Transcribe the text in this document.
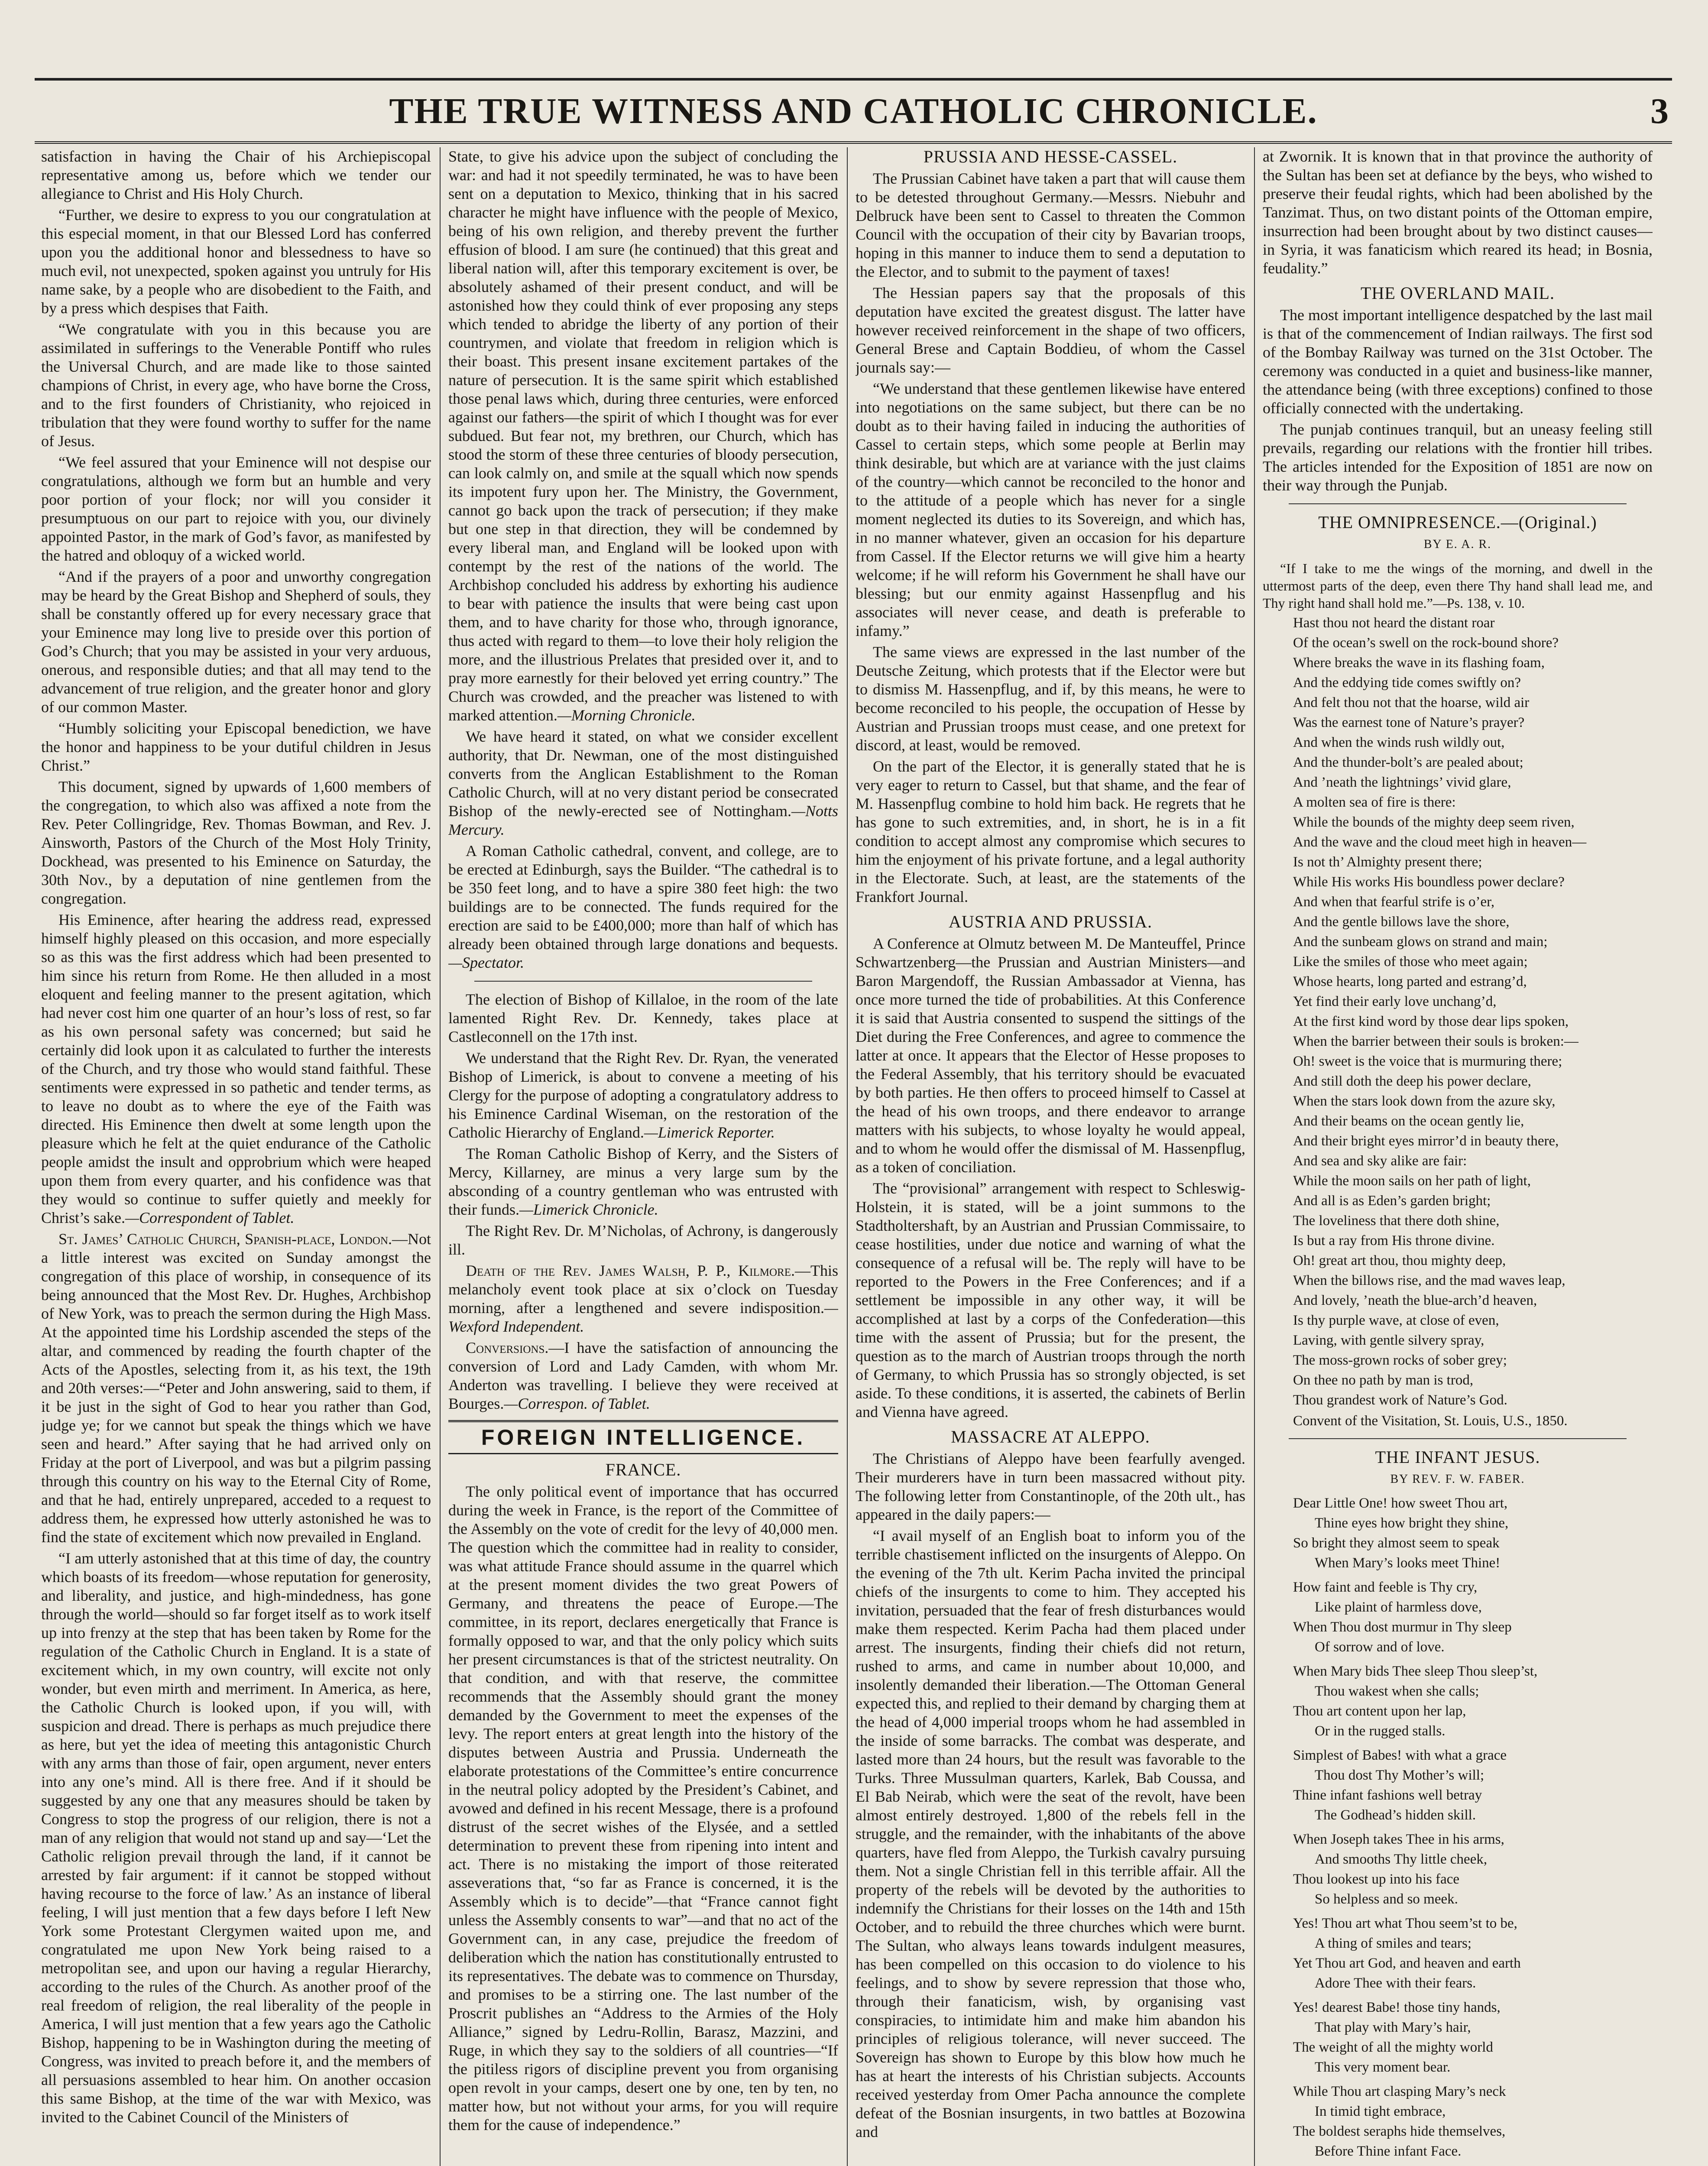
THE TRUE WITNESS AND CATHOLIC CHRONICLE.	3

satisfaction in having the Chair of his Archiepiscopal representative among us, before which we tender our allegiance to Christ and His Holy Church.

“Further, we desire to express to you our congratulation at this especial moment, in that our Blessed Lord has conferred upon you the additional honor and blessedness to have so much evil, not unexpected, spoken against you untruly for His name sake, by a people who are disobedient to the Faith, and by a press which despises that Faith.

“We congratulate with you in this because you are assimilated in sufferings to the Venerable Pontiff who rules the Universal Church, and are made like to those sainted champions of Christ, in every age, who have borne the Cross, and to the first founders of Christianity, who rejoiced in tribulation that they were found worthy to suffer for the name of Jesus.

“We feel assured that your Eminence will not despise our congratulations, although we form but an humble and very poor portion of your flock; nor will you consider it presumptuous on our part to rejoice with you, our divinely appointed Pastor, in the mark of God’s favor, as manifested by the hatred and obloquy of a wicked world.

“And if the prayers of a poor and unworthy congregation may be heard by the Great Bishop and Shepherd of souls, they shall be constantly offered up for every necessary grace that your Eminence may long live to preside over this portion of God’s Church; that you may be assisted in your very arduous, onerous, and responsible duties; and that all may tend to the advancement of true religion, and the greater honor and glory of our common Master.

“Humbly soliciting your Episcopal benediction, we have the honor and happiness to be your dutiful children in Jesus Christ.”

This document, signed by upwards of 1,600 members of the congregation, to which also was affixed a note from the Rev. Peter Collingridge, Rev. Thomas Bowman, and Rev. J. Ainsworth, Pastors of the Church of the Most Holy Trinity, Dockhead, was presented to his Eminence on Saturday, the 30th Nov., by a deputation of nine gentlemen from the congregation.

His Eminence, after hearing the address read, expressed himself highly pleased on this occasion, and more especially so as this was the first address which had been presented to him since his return from Rome. He then alluded in a most eloquent and feeling manner to the present agitation, which had never cost him one quarter of an hour’s loss of rest, so far as his own personal safety was concerned; but said he certainly did look upon it as calculated to further the interests of the Church, and try those who would stand faithful. These sentiments were expressed in so pathetic and tender terms, as to leave no doubt as to where the eye of the Faith was directed. His Eminence then dwelt at some length upon the pleasure which he felt at the quiet endurance of the Catholic people amidst the insult and opprobrium which were heaped upon them from every quarter, and his confidence was that they would so continue to suffer quietly and meekly for Christ’s sake.—Correspondent of Tablet.

St. James’ Catholic Church, Spanish-place, London.—Not a little interest was excited on Sunday amongst the congregation of this place of worship, in consequence of its being announced that the Most Rev. Dr. Hughes, Archbishop of New York, was to preach the sermon during the High Mass. At the appointed time his Lordship ascended the steps of the altar, and commenced by reading the fourth chapter of the Acts of the Apostles, selecting from it, as his text, the 19th and 20th verses:—“Peter and John answering, said to them, if it be just in the sight of God to hear you rather than God, judge ye; for we cannot but speak the things which we have seen and heard.” After saying that he had arrived only on Friday at the port of Liverpool, and was but a pilgrim passing through this country on his way to the Eternal City of Rome, and that he had, entirely unprepared, acceded to a request to address them, he expressed how utterly astonished he was to find the state of excitement which now prevailed in England.

“I am utterly astonished that at this time of day, the country which boasts of its freedom—whose reputation for generosity, and liberality, and justice, and high-mindedness, has gone through the world—should so far forget itself as to work itself up into frenzy at the step that has been taken by Rome for the regulation of the Catholic Church in England. It is a state of excitement which, in my own country, will excite not only wonder, but even mirth and merriment. In America, as here, the Catholic Church is looked upon, if you will, with suspicion and dread. There is perhaps as much prejudice there as here, but yet the idea of meeting this antagonistic Church with any arms than those of fair, open argument, never enters into any one’s mind. All is there free. And if it should be suggested by any one that any measures should be taken by Congress to stop the progress of our religion, there is not a man of any religion that would not stand up and say—‘Let the Catholic religion prevail through the land, if it cannot be arrested by fair argument: if it cannot be stopped without having recourse to the force of law.’ As an instance of liberal feeling, I will just mention that a few days before I left New York some Protestant Clergymen waited upon me, and congratulated me upon New York being raised to a metropolitan see, and upon our having a regular Hierarchy, according to the rules of the Church. As another proof of the real freedom of religion, the real liberality of the people in America, I will just mention that a few years ago the Catholic Bishop, happening to be in Washington during the meeting of Congress, was invited to preach before it, and the members of all persuasions assembled to hear him. On another occasion this same Bishop, at the time of the war with Mexico, was invited to the Cabinet Council of the Ministers of

State, to give his advice upon the subject of concluding the war: and had it not speedily terminated, he was to have been sent on a deputation to Mexico, thinking that in his sacred character he might have influence with the people of Mexico, being of his own religion, and thereby prevent the further effusion of blood. I am sure (he continued) that this great and liberal nation will, after this temporary excitement is over, be absolutely ashamed of their present conduct, and will be astonished how they could think of ever proposing any steps which tended to abridge the liberty of any portion of their countrymen, and violate that freedom in religion which is their boast. This present insane excitement partakes of the nature of persecution. It is the same spirit which established those penal laws which, during three centuries, were enforced against our fathers—the spirit of which I thought was for ever subdued. But fear not, my brethren, our Church, which has stood the storm of these three centuries of bloody persecution, can look calmly on, and smile at the squall which now spends its impotent fury upon her. The Ministry, the Government, cannot go back upon the track of persecution; if they make but one step in that direction, they will be condemned by every liberal man, and England will be looked upon with contempt by the rest of the nations of the world. The Archbishop concluded his address by exhorting his audience to bear with patience the insults that were being cast upon them, and to have charity for those who, through ignorance, thus acted with regard to them—to love their holy religion the more, and the illustrious Prelates that presided over it, and to pray more earnestly for their beloved yet erring country.” The Church was crowded, and the preacher was listened to with marked attention.—Morning Chronicle.

We have heard it stated, on what we consider excellent authority, that Dr. Newman, one of the most distinguished converts from the Anglican Establishment to the Roman Catholic Church, will at no very distant period be consecrated Bishop of the newly-erected see of Nottingham.—Notts Mercury.

A Roman Catholic cathedral, convent, and college, are to be erected at Edinburgh, says the Builder. “The cathedral is to be 350 feet long, and to have a spire 380 feet high: the two buildings are to be connected. The funds required for the erection are said to be £400,000; more than half of which has already been obtained through large donations and bequests.—Spectator.

The election of Bishop of Killaloe, in the room of the late lamented Right Rev. Dr. Kennedy, takes place at Castleconnell on the 17th inst.

We understand that the Right Rev. Dr. Ryan, the venerated Bishop of Limerick, is about to convene a meeting of his Clergy for the purpose of adopting a congratulatory address to his Eminence Cardinal Wiseman, on the restoration of the Catholic Hierarchy of England.—Limerick Reporter.

The Roman Catholic Bishop of Kerry, and the Sisters of Mercy, Killarney, are minus a very large sum by the absconding of a country gentleman who was entrusted with their funds.—Limerick Chronicle.

The Right Rev. Dr. M’Nicholas, of Achrony, is dangerously ill.

Death of the Rev. James Walsh, P. P., Kilmore.—This melancholy event took place at six o’clock on Tuesday morning, after a lengthened and severe indisposition.—Wexford Independent.

Conversions.—I have the satisfaction of announcing the conversion of Lord and Lady Camden, with whom Mr. Anderton was travelling. I believe they were received at Bourges.—Correspon. of Tablet.

FOREIGN INTELLIGENCE.
FRANCE.

The only political event of importance that has occurred during the week in France, is the report of the Committee of the Assembly on the vote of credit for the levy of 40,000 men. The question which the committee had in reality to consider, was what attitude France should assume in the quarrel which at the present moment divides the two great Powers of Germany, and threatens the peace of Europe.—The committee, in its report, declares energetically that France is formally opposed to war, and that the only policy which suits her present circumstances is that of the strictest neutrality. On that condition, and with that reserve, the committee recommends that the Assembly should grant the money demanded by the Government to meet the expenses of the levy. The report enters at great length into the history of the disputes between Austria and Prussia. Underneath the elaborate protestations of the Committee’s entire concurrence in the neutral policy adopted by the President’s Cabinet, and avowed and defined in his recent Message, there is a profound distrust of the secret wishes of the Elysée, and a settled determination to prevent these from ripening into intent and act. There is no mistaking the import of those reiterated asseverations that, “so far as France is concerned, it is the Assembly which is to decide”—that “France cannot fight unless the Assembly consents to war”—and that no act of the Government can, in any case, prejudice the freedom of deliberation which the nation has constitutionally entrusted to its representatives. The debate was to commence on Thursday, and promises to be a stirring one. The last number of the Proscrit publishes an “Address to the Armies of the Holy Alliance,” signed by Ledru-Rollin, Barasz, Mazzini, and Ruge, in which they say to the soldiers of all countries—“If the pitiless rigors of discipline prevent you from organising open revolt in your camps, desert one by one, ten by ten, no matter how, but not without your arms, for you will require them for the cause of independence.”

PRUSSIA AND HESSE-CASSEL.

The Prussian Cabinet have taken a part that will cause them to be detested throughout Germany.—Messrs. Niebuhr and Delbruck have been sent to Cassel to threaten the Common Council with the occupation of their city by Bavarian troops, hoping in this manner to induce them to send a deputation to the Elector, and to submit to the payment of taxes!

The Hessian papers say that the proposals of this deputation have excited the greatest disgust. The latter have however received reinforcement in the shape of two officers, General Brese and Captain Boddieu, of whom the Cassel journals say:—

“We understand that these gentlemen likewise have entered into negotiations on the same subject, but there can be no doubt as to their having failed in inducing the authorities of Cassel to certain steps, which some people at Berlin may think desirable, but which are at variance with the just claims of the country—which cannot be reconciled to the honor and to the attitude of a people which has never for a single moment neglected its duties to its Sovereign, and which has, in no manner whatever, given an occasion for his departure from Cassel. If the Elector returns we will give him a hearty welcome; if he will reform his Government he shall have our blessing; but our enmity against Hassenpflug and his associates will never cease, and death is preferable to infamy.”

The same views are expressed in the last number of the Deutsche Zeitung, which protests that if the Elector were but to dismiss M. Hassenpflug, and if, by this means, he were to become reconciled to his people, the occupation of Hesse by Austrian and Prussian troops must cease, and one pretext for discord, at least, would be removed.

On the part of the Elector, it is generally stated that he is very eager to return to Cassel, but that shame, and the fear of M. Hassenpflug combine to hold him back. He regrets that he has gone to such extremities, and, in short, he is in a fit condition to accept almost any compromise which secures to him the enjoyment of his private fortune, and a legal authority in the Electorate. Such, at least, are the statements of the Frankfort Journal.

AUSTRIA AND PRUSSIA.

A Conference at Olmutz between M. De Manteuffel, Prince Schwartzenberg—the Prussian and Austrian Ministers—and Baron Margendoff, the Russian Ambassador at Vienna, has once more turned the tide of probabilities. At this Conference it is said that Austria consented to suspend the sittings of the Diet during the Free Conferences, and agree to commence the latter at once. It appears that the Elector of Hesse proposes to the Federal Assembly, that his territory should be evacuated by both parties. He then offers to proceed himself to Cassel at the head of his own troops, and there endeavor to arrange matters with his subjects, to whose loyalty he would appeal, and to whom he would offer the dismissal of M. Hassenpflug, as a token of conciliation.

The “provisional” arrangement with respect to Schleswig-Holstein, it is stated, will be a joint summons to the Stadtholtershaft, by an Austrian and Prussian Commissaire, to cease hostilities, under due notice and warning of what the consequence of a refusal will be. The reply will have to be reported to the Powers in the Free Conferences; and if a settlement be impossible in any other way, it will be accomplished at last by a corps of the Confederation—this time with the assent of Prussia; but for the present, the question as to the march of Austrian troops through the north of Germany, to which Prussia has so strongly objected, is set aside. To these conditions, it is asserted, the cabinets of Berlin and Vienna have agreed.

MASSACRE AT ALEPPO.

The Christians of Aleppo have been fearfully avenged. Their murderers have in turn been massacred without pity. The following letter from Constantinople, of the 20th ult., has appeared in the daily papers:—

“I avail myself of an English boat to inform you of the terrible chastisement inflicted on the insurgents of Aleppo. On the evening of the 7th ult. Kerim Pacha invited the principal chiefs of the insurgents to come to him. They accepted his invitation, persuaded that the fear of fresh disturbances would make them respected. Kerim Pacha had them placed under arrest. The insurgents, finding their chiefs did not return, rushed to arms, and came in number about 10,000, and insolently demanded their liberation.—The Ottoman General expected this, and replied to their demand by charging them at the head of 4,000 imperial troops whom he had assembled in the inside of some barracks. The combat was desperate, and lasted more than 24 hours, but the result was favorable to the Turks. Three Mussulman quarters, Karlek, Bab Coussa, and El Bab Neirab, which were the seat of the revolt, have been almost entirely destroyed. 1,800 of the rebels fell in the struggle, and the remainder, with the inhabitants of the above quarters, have fled from Aleppo, the Turkish cavalry pursuing them. Not a single Christian fell in this terrible affair. All the property of the rebels will be devoted by the authorities to indemnify the Christians for their losses on the 14th and 15th October, and to rebuild the three churches which were burnt. The Sultan, who always leans towards indulgent measures, has been compelled on this occasion to do violence to his feelings, and to show by severe repression that those who, through their fanaticism, wish, by organising vast conspiracies, to intimidate him and make him abandon his principles of religious tolerance, will never succeed. The Sovereign has shown to Europe by this blow how much he has at heart the interests of his Christian subjects. Accounts received yesterday from Omer Pacha announce the complete defeat of the Bosnian insurgents, in two battles at Bozowina and

at Zwornik. It is known that in that province the authority of the Sultan has been set at defiance by the beys, who wished to preserve their feudal rights, which had been abolished by the Tanzimat. Thus, on two distant points of the Ottoman empire, insurrection had been brought about by two distinct causes—in Syria, it was fanaticism which reared its head; in Bosnia, feudality.”

THE OVERLAND MAIL.

The most important intelligence despatched by the last mail is that of the commencement of Indian railways. The first sod of the Bombay Railway was turned on the 31st October. The ceremony was conducted in a quiet and business-like manner, the attendance being (with three exceptions) confined to those officially connected with the undertaking.

The punjab continues tranquil, but an uneasy feeling still prevails, regarding our relations with the frontier hill tribes. The articles intended for the Exposition of 1851 are now on their way through the Punjab.

THE OMNIPRESENCE.—(Original.)
BY E. A. R.

“If I take to me the wings of the morning, and dwell in the uttermost parts of the deep, even there Thy hand shall lead me, and Thy right hand shall hold me.”—Ps. 138, v. 10.

Hast thou not heard the distant roar

Of the ocean’s swell on the rock-bound shore?

Where breaks the wave in its flashing foam,

And the eddying tide comes swiftly on?

And felt thou not that the hoarse, wild air

Was the earnest tone of Nature’s prayer?

And when the winds rush wildly out,

And the thunder-bolt’s are pealed about;

And ’neath the lightnings’ vivid glare,

A molten sea of fire is there:

While the bounds of the mighty deep seem riven,

And the wave and the cloud meet high in heaven—

Is not th’ Almighty present there;

While His works His boundless power declare?

And when that fearful strife is o’er,

And the gentle billows lave the shore,

And the sunbeam glows on strand and main;

Like the smiles of those who meet again;

Whose hearts, long parted and estrang’d,

Yet find their early love unchang’d,

At the first kind word by those dear lips spoken,

When the barrier between their souls is broken:—

Oh! sweet is the voice that is murmuring there;

And still doth the deep his power declare,

When the stars look down from the azure sky,

And their beams on the ocean gently lie,

And their bright eyes mirror’d in beauty there,

And sea and sky alike are fair:

While the moon sails on her path of light,

And all is as Eden’s garden bright;

The loveliness that there doth shine,

Is but a ray from His throne divine.

Oh! great art thou, thou mighty deep,

When the billows rise, and the mad waves leap,

And lovely, ’neath the blue-arch’d heaven,

Is thy purple wave, at close of even,

Laving, with gentle silvery spray,

The moss-grown rocks of sober grey;

On thee no path by man is trod,

Thou grandest work of Nature’s God.

Convent of the Visitation, St. Louis, U.S., 1850.

THE INFANT JESUS.
BY REV. F. W. FABER.

Dear Little One! how sweet Thou art,

Thine eyes how bright they shine,

So bright they almost seem to speak

When Mary’s looks meet Thine!

How faint and feeble is Thy cry,

Like plaint of harmless dove,

When Thou dost murmur in Thy sleep

Of sorrow and of love.

When Mary bids Thee sleep Thou sleep’st,

Thou wakest when she calls;

Thou art content upon her lap,

Or in the rugged stalls.

Simplest of Babes! with what a grace

Thou dost Thy Mother’s will;

Thine infant fashions well betray

The Godhead’s hidden skill.

When Joseph takes Thee in his arms,

And smooths Thy little cheek,

Thou lookest up into his face

So helpless and so meek.

Yes! Thou art what Thou seem’st to be,

A thing of smiles and tears;

Yet Thou art God, and heaven and earth

Adore Thee with their fears.

Yes! dearest Babe! those tiny hands,

That play with Mary’s hair,

The weight of all the mighty world

This very moment bear.

While Thou art clasping Mary’s neck

In timid tight embrace,

The boldest seraphs hide themselves,

Before Thine infant Face.
